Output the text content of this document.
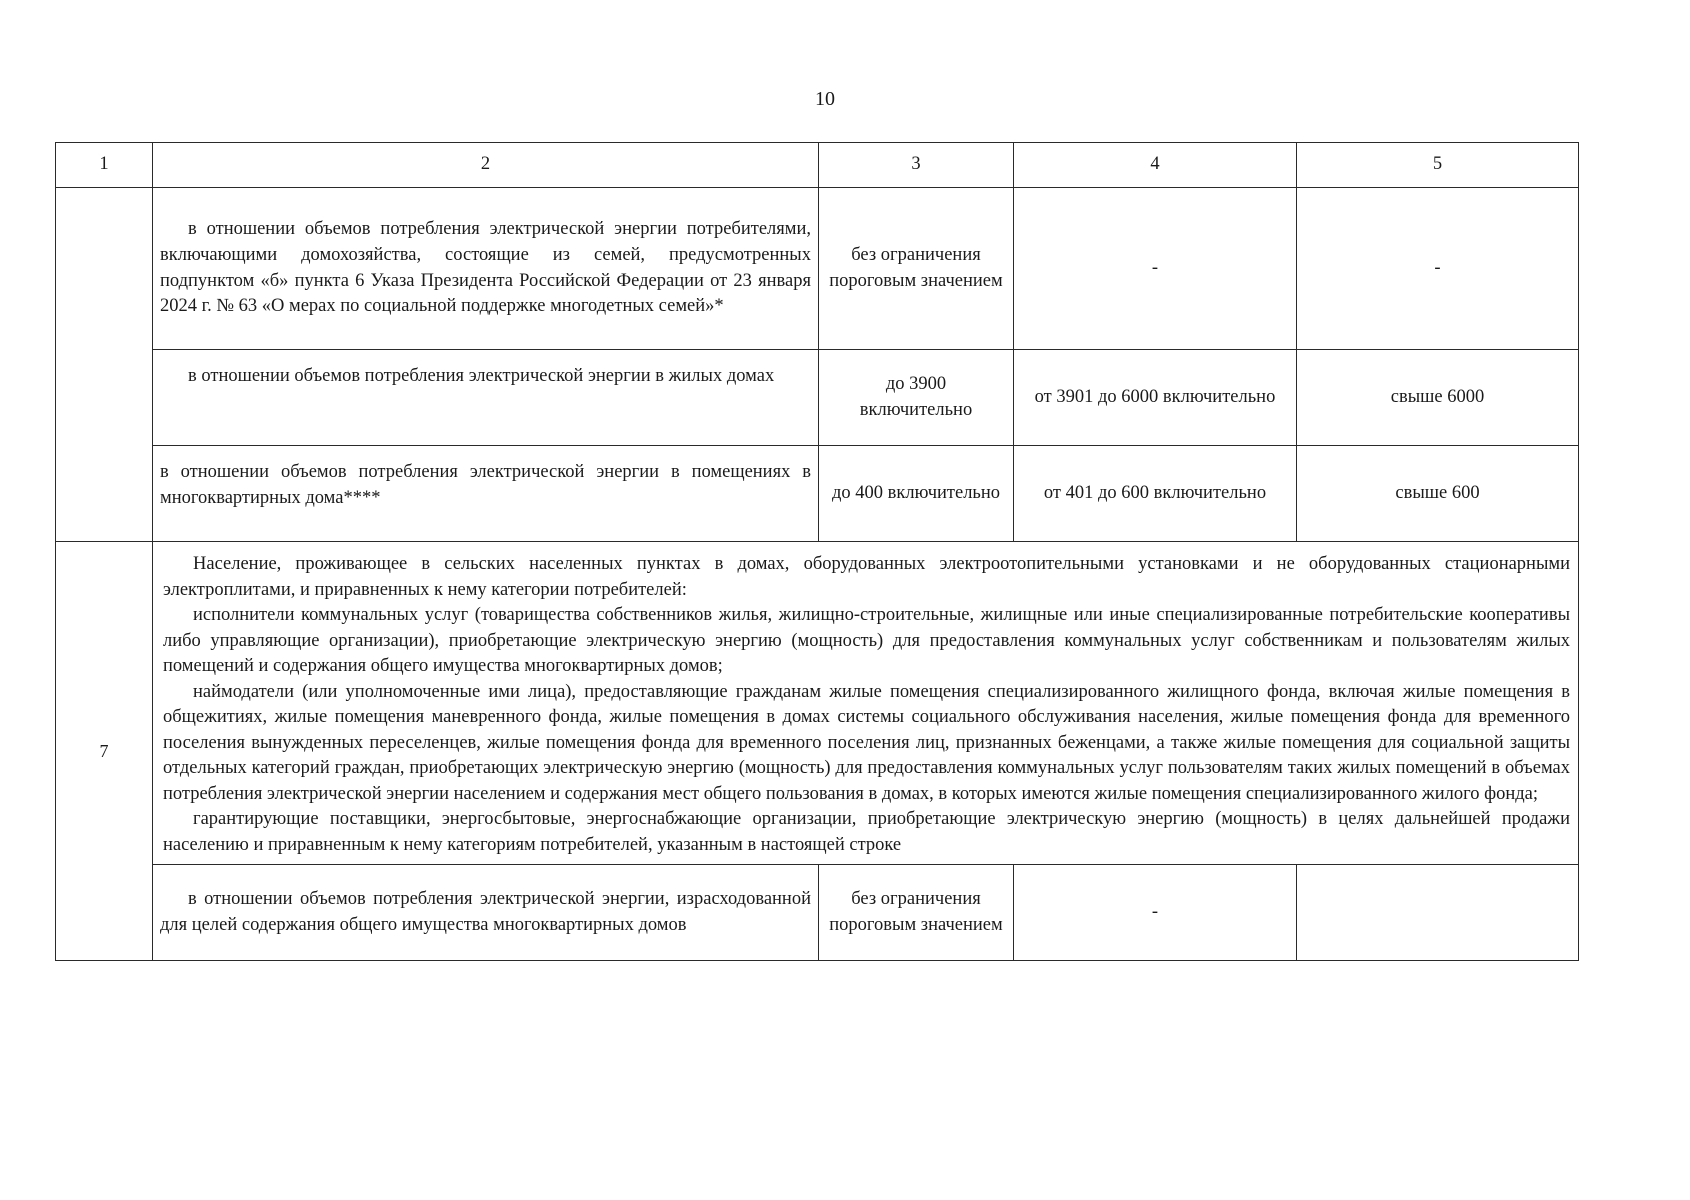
10
1	2	3	4	5

	в отношении объемов потребления электрической энергии потребителями, включающими домохозяйства, состоящие из семей, предусмотренных подпунктом «б» пункта 6 Указа Президента Российской Федерации от 23 января 2024 г. № 63 «О мерах по социальной поддержке многодетных семей»*	без ограничения пороговым значением	-	-

	в отношении объемов потребления электрической энергии в жилых домах	до 3900 включительно	от 3901 до 6000 включительно	свыше 6000
	в отношении объемов потребления электрической энергии в помещениях в многоквартирных дома****	до 400 включительно	от 401 до 600 включительно	свыше 600

7	Население, проживающее в сельских населенных пунктах в домах, оборудованных электроотопительными установками и не оборудованных стационарными электроплитами, и приравненных к нему категории потребителей:

исполнители коммунальных услуг (товарищества собственников жилья, жилищно-строительные, жилищные или иные специализированные потребительские кооперативы либо управляющие организации), приобретающие электрическую энергию (мощность) для предоставления коммунальных услуг собственникам и пользователям жилых помещений и содержания общего имущества многоквартирных домов;

наймодатели (или уполномоченные ими лица), предоставляющие гражданам жилые помещения специализированного жилищного фонда, включая жилые помещения в общежитиях, жилые помещения маневренного фонда, жилые помещения в домах системы социального обслуживания населения, жилые помещения фонда для временного поселения вынужденных переселенцев, жилые помещения фонда для временного поселения лиц, признанных беженцами, а также жилые помещения для социальной защиты отдельных категорий граждан, приобретающих электрическую энергию (мощность) для предоставления коммунальных услуг пользователям таких жилых помещений в объемах потребления электрической энергии населением и содержания мест общего пользования в домах, в которых имеются жилые помещения специализированного жилого фонда;

гарантирующие поставщики, энергосбытовые, энергоснабжающие организации, приобретающие электрическую энергию (мощность) в целях дальнейшей продажи населению и приравненным к нему категориям потребителей, указанным в настоящей строке			

	в отношении объемов потребления электрической энергии, израсходованной для целей содержания общего имущества многоквартирных домов	без ограничения пороговым значением	-	
